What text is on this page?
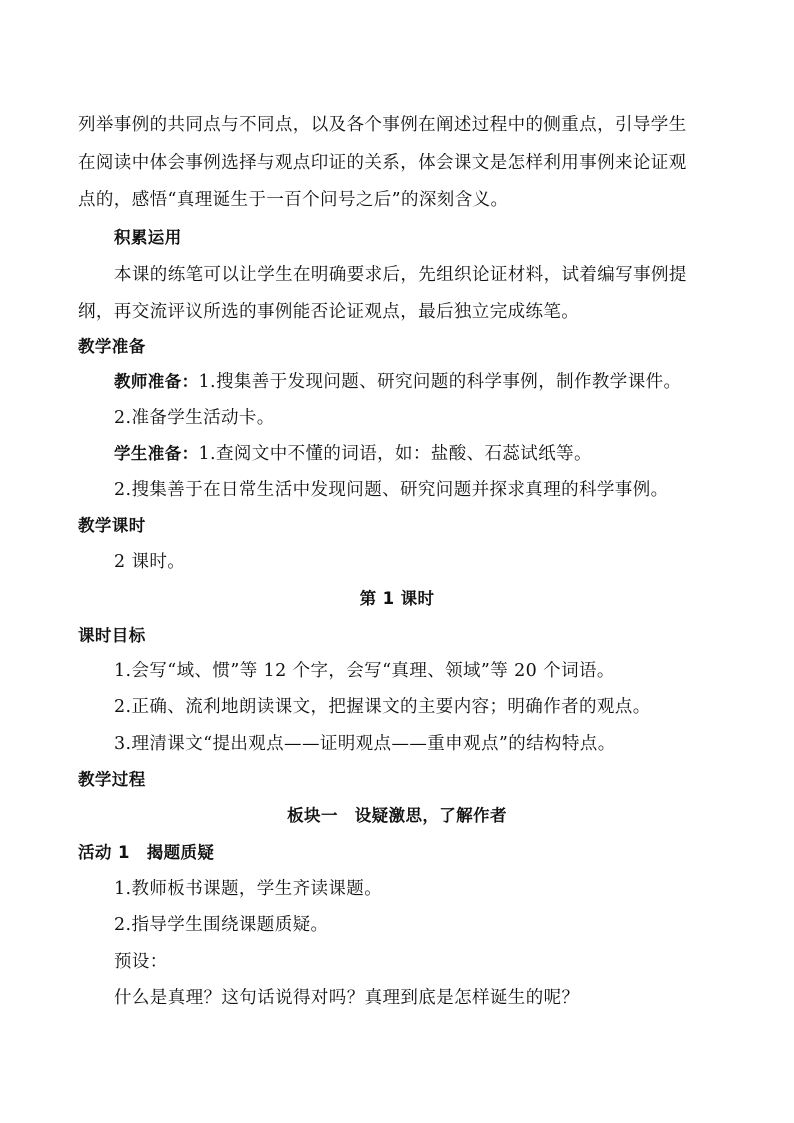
列举事例的共同点与不同点，以及各个事例在阐述过程中的侧重点，引导学生
在阅读中体会事例选择与观点印证的关系，体会课文是怎样利用事例来论证观
点的，感悟“真理诞生于一百个问号之后”的深刻含义。
积累运用
本课的练笔可以让学生在明确要求后，先组织论证材料，试着编写事例提
纲，再交流评议所选的事例能否论证观点，最后独立完成练笔。
教学准备
教师准备：1.搜集善于发现问题、研究问题的科学事例，制作教学课件。
2.准备学生活动卡。
学生准备：1.查阅文中不懂的词语，如：盐酸、石蕊试纸等。
2.搜集善于在日常生活中发现问题、研究问题并探求真理的科学事例。
教学课时
2 课时。
第 1 课时
课时目标
1.会写“域、惯”等 12 个字，会写“真理、领域”等 20 个词语。
2.正确、流利地朗读课文，把握课文的主要内容；明确作者的观点。
3.理清课文“提出观点——证明观点——重申观点”的结构特点。
教学过程
板块一　设疑激思，了解作者
活动 1　揭题质疑
1.教师板书课题，学生齐读课题。
2.指导学生围绕课题质疑。
预设：
什么是真理？这句话说得对吗？真理到底是怎样诞生的呢？
